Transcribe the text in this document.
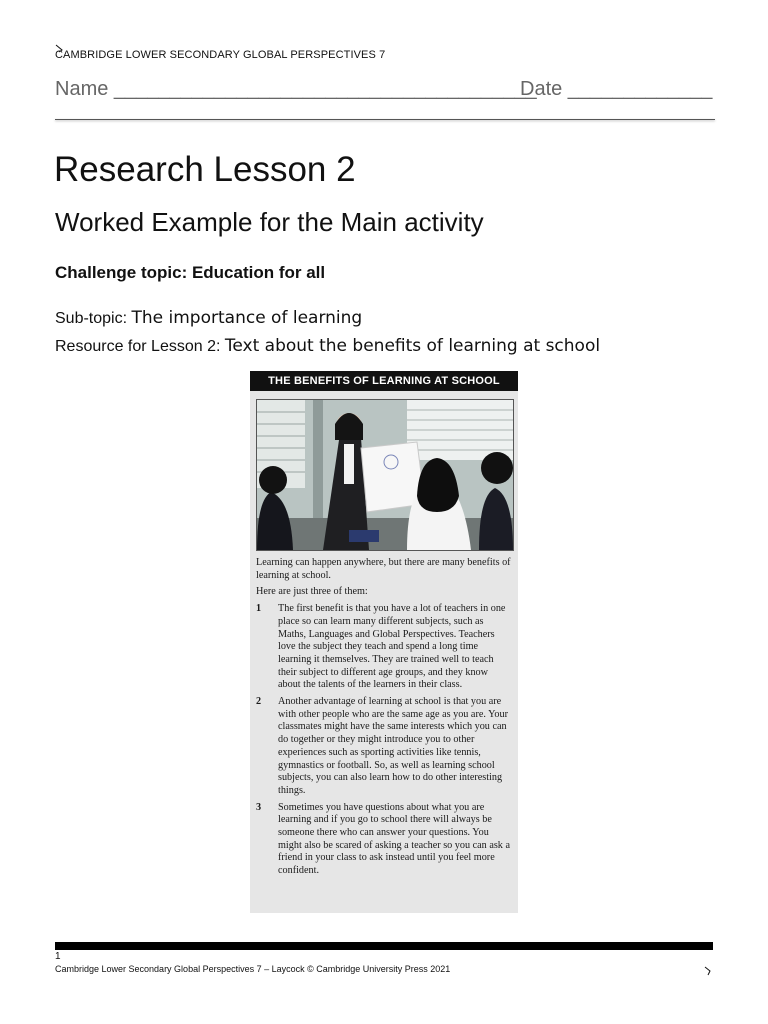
CAMBRIDGE LOWER SECONDARY GLOBAL PERSPECTIVES 7
Name ______________________________________
Date _____________
Research Lesson 2
Worked Example for the Main activity
Challenge topic: Education for all
Sub-topic: The importance of learning
Resource for Lesson 2: Text about the benefits of learning at school
THE BENEFITS OF LEARNING AT SCHOOL

Learning can happen anywhere, but there are many benefits of learning at school.

Here are just three of them:

1	The first benefit is that you have a lot of teachers in one place so can learn many different subjects, such as Maths, Languages and Global Perspectives. Teachers love the subject they teach and spend a long time learning it themselves. They are trained well to teach their subject to different age groups, and they know about the talents of the learners in their class.
2	Another advantage of learning at school is that you are with other people who are the same age as you are. Your classmates might have the same interests which you can do together or they might introduce you to other experiences such as sporting activities like tennis, gymnastics or football. So, as well as learning school subjects, you can also learn how to do other interesting things.
3	Sometimes you have questions about what you are learning and if you go to school there will always be someone there who can answer your questions. You might also be scared of asking a teacher so you can ask a friend in your class to ask instead until you feel more confident.
1
Cambridge Lower Secondary Global Perspectives 7 – Laycock © Cambridge University Press 2021
